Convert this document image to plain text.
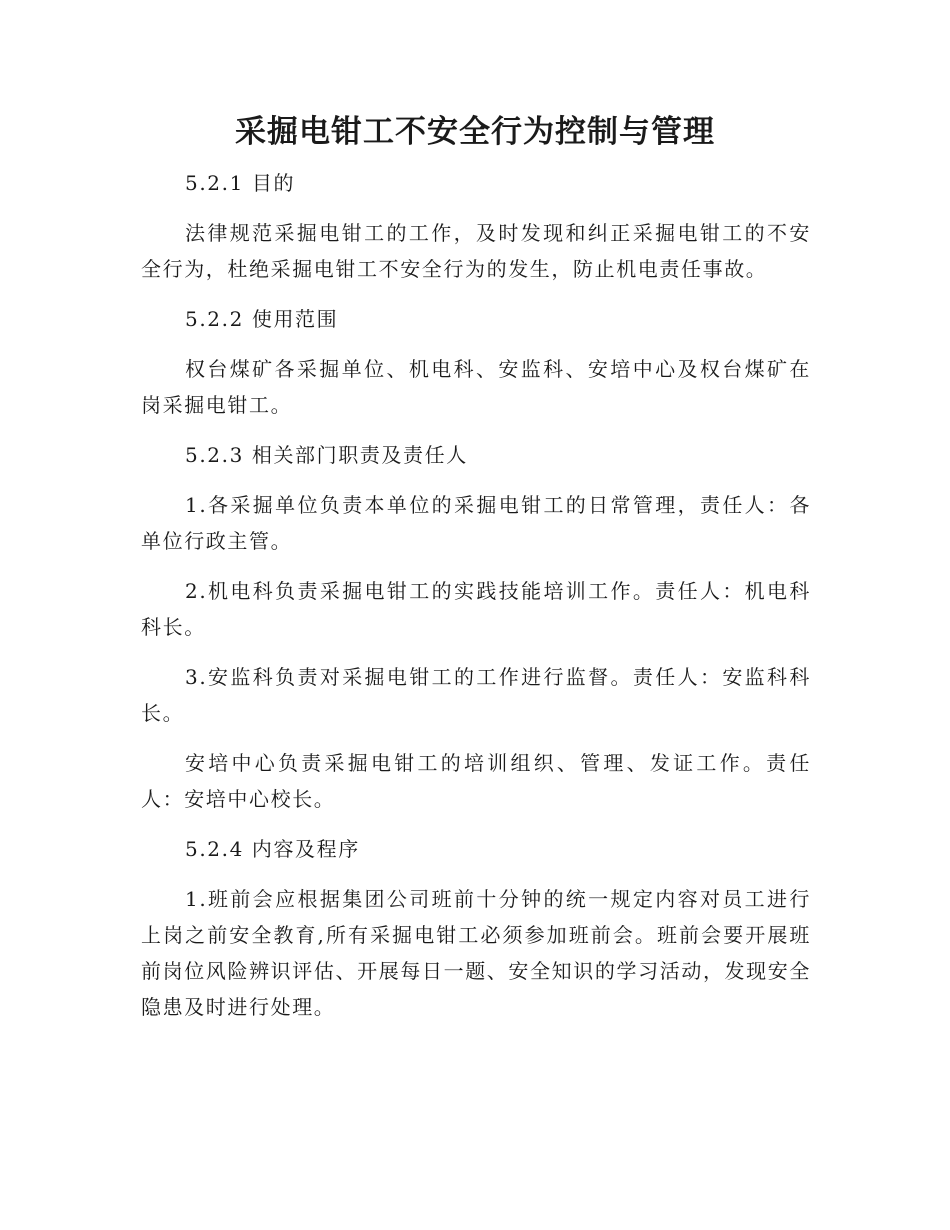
采掘电钳工不安全行为控制与管理

5.2.1 目的

法律规范采掘电钳工的工作，及时发现和纠正采掘电钳工的不安全行为，杜绝采掘电钳工不安全行为的发生，防止机电责任事故。

5.2.2 使用范围

权台煤矿各采掘单位、机电科、安监科、安培中心及权台煤矿在岗采掘电钳工。

5.2.3 相关部门职责及责任人

1.各采掘单位负责本单位的采掘电钳工的日常管理，责任人：各单位行政主管。

2.机电科负责采掘电钳工的实践技能培训工作。责任人：机电科科长。

3.安监科负责对采掘电钳工的工作进行监督。责任人：安监科科长。

安培中心负责采掘电钳工的培训组织、管理、发证工作。责任人：安培中心校长。

5.2.4 内容及程序

1.班前会应根据集团公司班前十分钟的统一规定内容对员工进行上岗之前安全教育,所有采掘电钳工必须参加班前会。班前会要开展班前岗位风险辨识评估、开展每日一题、安全知识的学习活动，发现安全隐患及时进行处理。
